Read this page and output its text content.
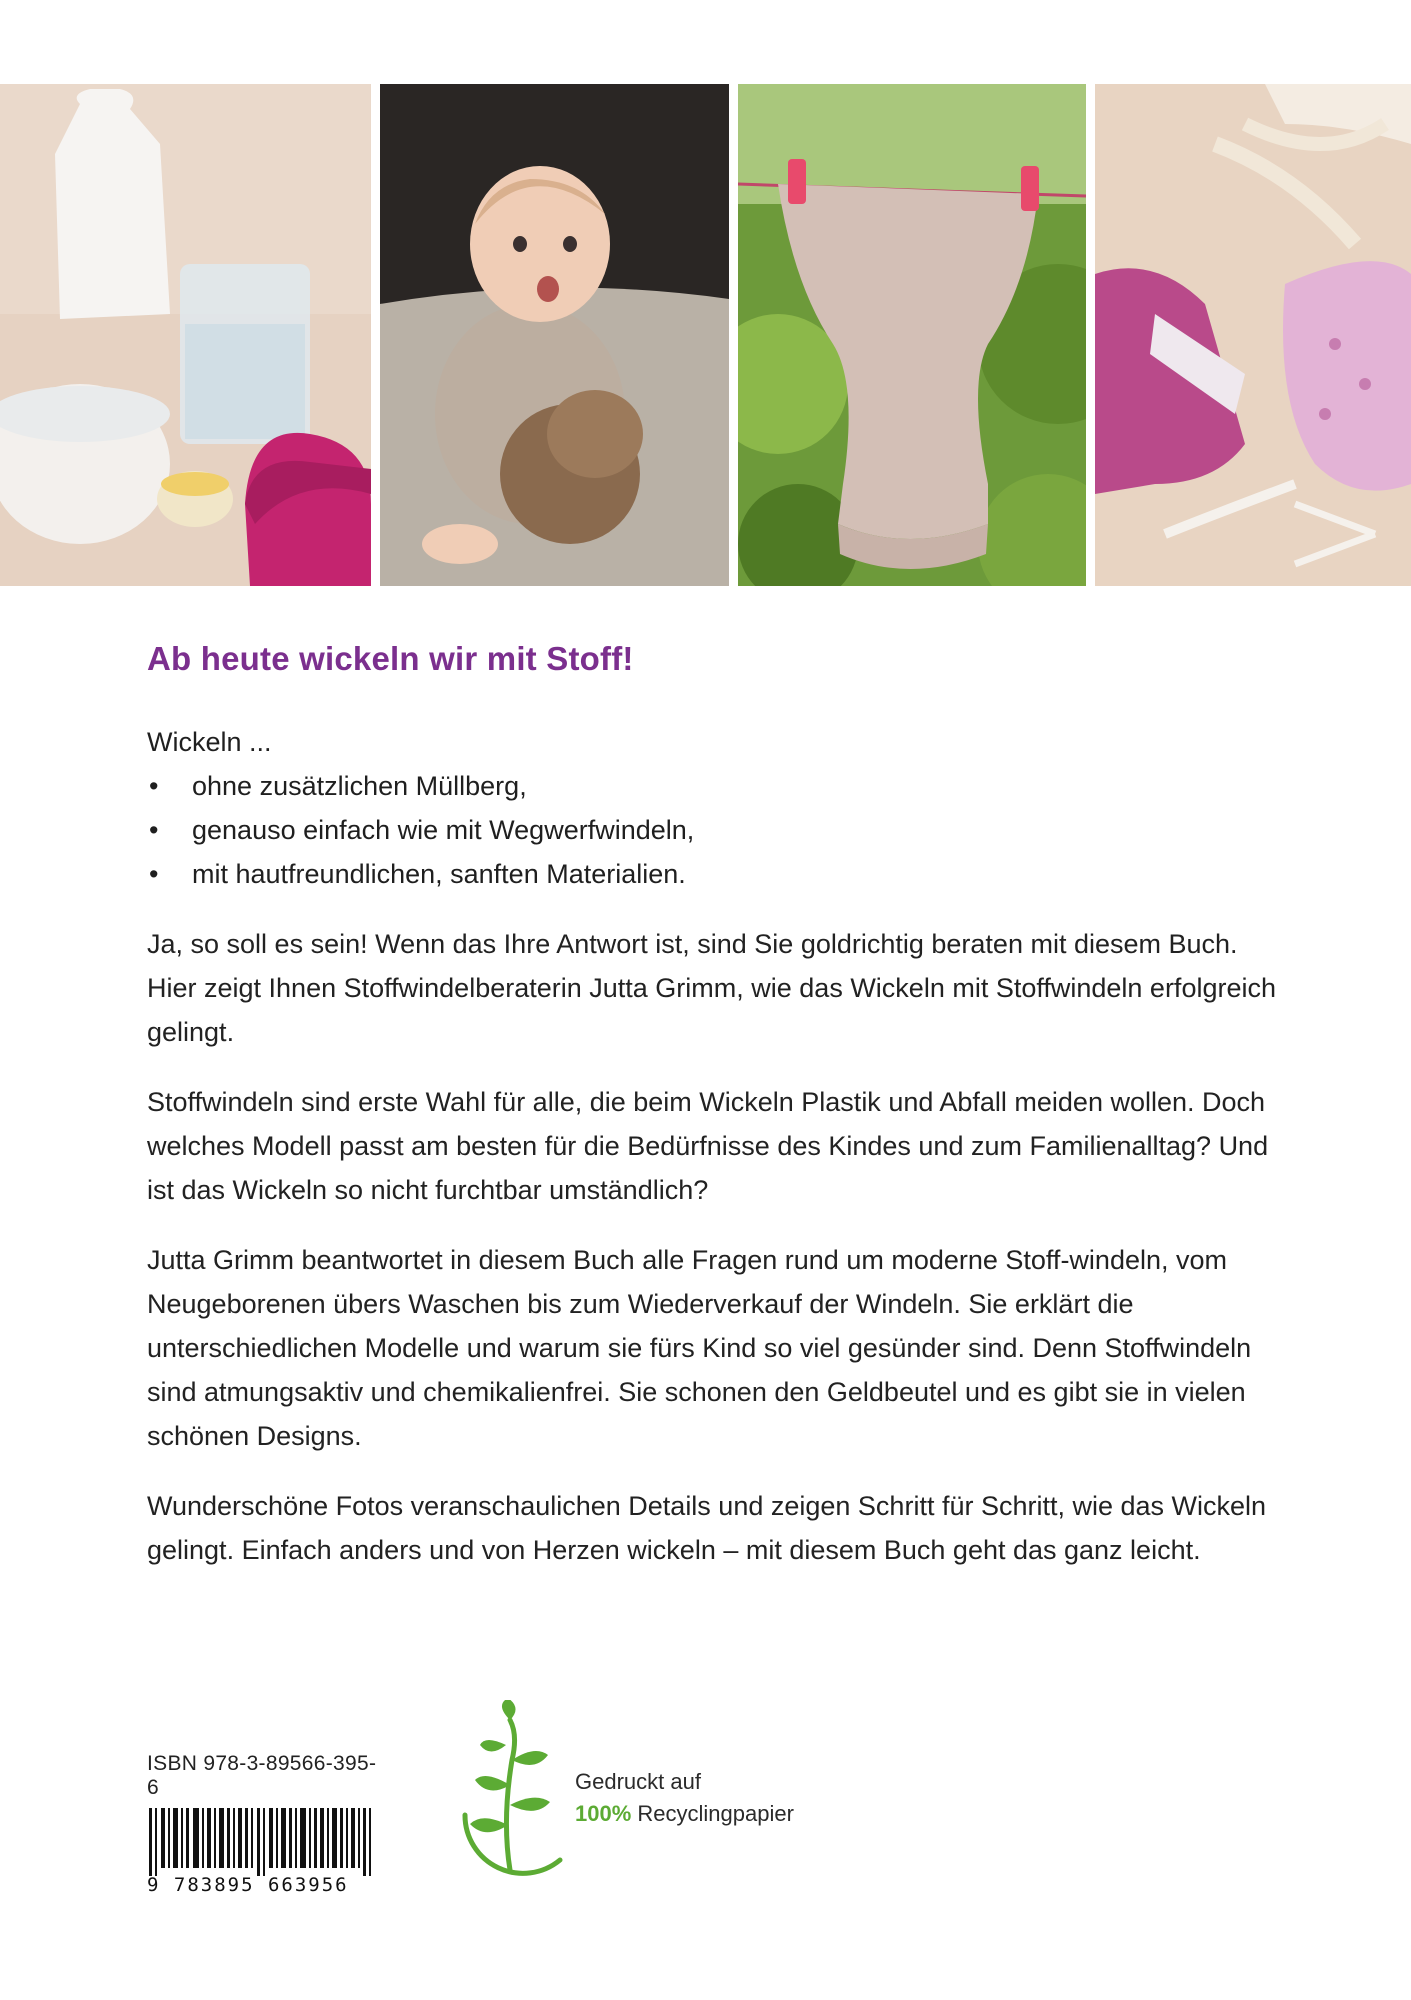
Ab heute wickeln wir mit Stoff!

Wickeln ...

• ohne zusätzlichen Müllberg,
• genauso einfach wie mit Wegwerfwindeln,
• mit hautfreundlichen, sanften Materialien.

Ja, so soll es sein! Wenn das Ihre Antwort ist, sind Sie goldrichtig beraten mit diesem Buch. Hier zeigt Ihnen Stoffwindelberaterin Jutta Grimm, wie das Wickeln mit Stoffwindeln erfolgreich gelingt.

Stoffwindeln sind erste Wahl für alle, die beim Wickeln Plastik und Abfall meiden wollen. Doch welches Modell passt am besten für die Bedürfnisse des Kindes und zum Familienalltag? Und ist das Wickeln so nicht furchtbar umständlich?

Jutta Grimm beantwortet in diesem Buch alle Fragen rund um moderne Stoff-windeln, vom Neugeborenen übers Waschen bis zum Wiederverkauf der Windeln. Sie erklärt die unterschiedlichen Modelle und warum sie fürs Kind so viel gesünder sind. Denn Stoffwindeln sind atmungsaktiv und chemikalienfrei. Sie schonen den Geldbeutel und es gibt sie in vielen schönen Designs.

Wunderschöne Fotos veranschaulichen Details und zeigen Schritt für Schritt, wie das Wickeln gelingt. Einfach anders und von Herzen wickeln – mit diesem Buch geht das ganz leicht.

ISBN 978-3-89566-395-6
9 783895 663956
Gedruckt auf
100% Recyclingpapier
